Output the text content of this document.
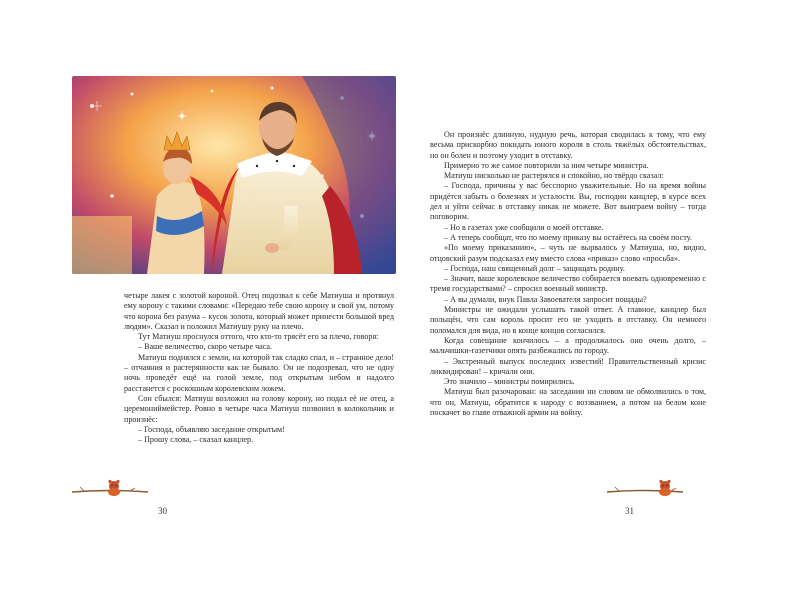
четыре лакея с золотой короной. Отец подозвал к себе Матиуша и протянул ему корону с такими словами: «Передаю тебе свою корону и свой ум, потому что корона без разума – кусок золота, который может принести большой вред людям». Сказал и положил Матиушу руку на плечо.

Тут Матиуш проснулся оттого, что кто-то трясёт его за плечо, говоря:

– Ваше величество, скоро четыре часа.

Матиуш поднялся с земли, на которой так сладко спал, и – странное дело! – отчаяния и растерянности как не бывало. Он не подозревал, что не одну ночь проведёт ещё на голой земле, под открытым небом и надолго расстанется с роскошным королевским ложем.

Сон сбылся: Матиуш возложил на голову корону, но подал её не отец, а церемониймейстер. Ровно в четыре часа Матиуш позвонил в колокольчик и произнёс:

– Господа, объявляю заседание открытым!

– Прошу слова, – сказал канцлер.

Он произнёс длинную, нудную речь, которая сводилась к тому, что ему весьма прискорбно покидать юного короля в столь тяжёлых обстоятельствах, но он болен и поэтому уходит в отставку.

Примерно то же самое повторили за ним четыре министра.

Матиуш нисколько не растерялся и спокойно, но твёрдо сказал:

– Господа, причины у вас бесспорно уважительные. Но на время войны придётся забыть о болезнях и усталости. Вы, господин канцлер, в курсе всех дел и уйти сейчас в отставку никак не можете. Вот выиграем войну – тогда поговорим.

– Но в газетах уже сообщили о моей отставке.

– А теперь сообщат, что по моему приказу вы остаётесь на своём посту.

«По моему приказанию», – чуть не вырвалось у Матиуша, но, видно, отцовский разум подсказал ему вместо слова «приказ» слово «просьба».

– Господа, наш священный долг – защищать родину.

– Значит, ваше королевское величество собирается воевать одновременно с тремя государствами? – спросил военный министр.

– А вы думали, внук Павла Завоевателя запросит пощады?

Министры не ожидали услышать такой ответ. А главное, канцлер был польщён, что сам король просит его не уходить в отставку. Он немного поломался для вида, но в конце концов согласился.

Когда совещание кончилось – а продолжалось оно очень долго, – мальчишки-газетчики опять разбежались по городу.

– Экстренный выпуск последних известий! Правительственный кризис ликвидирован! – кричали они.

Это значило – министры помирились.

Матиуш был разочарован: на заседании ни словом не обмолвились о том, что он, Матиуш, обратится к народу с воззванием, а потом на белом коне поскачет во главе отважной армии на войну.

30	31
